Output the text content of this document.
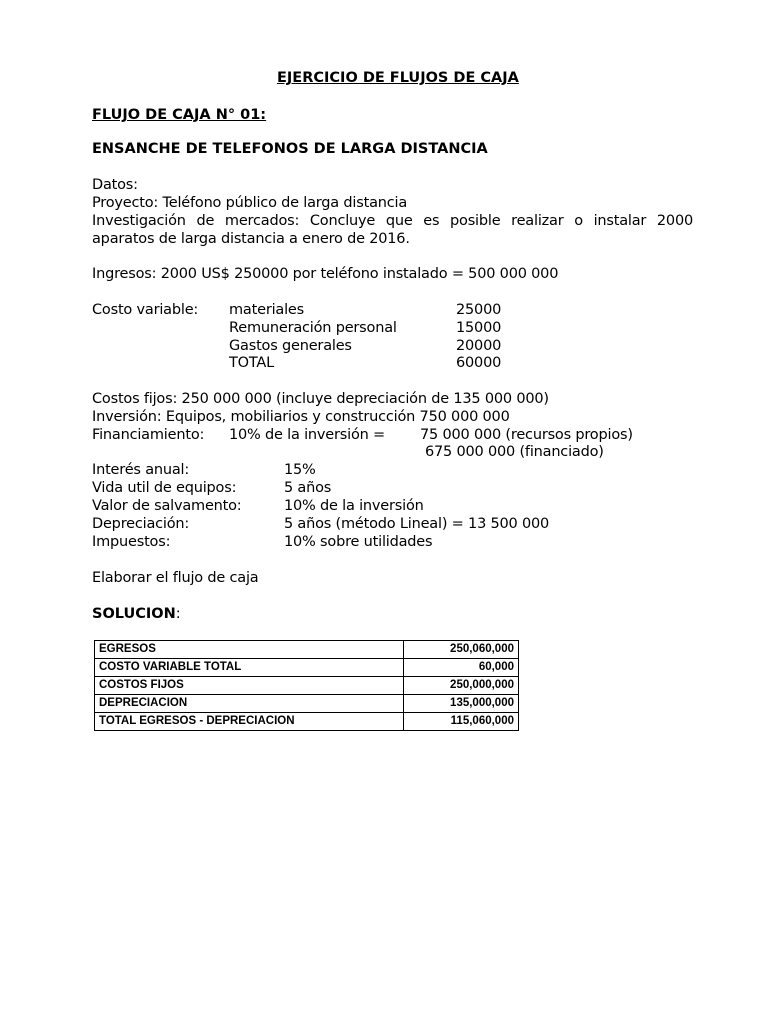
EJERCICIO DE FLUJOS DE CAJA
FLUJO DE CAJA N° 01:
ENSANCHE DE TELEFONOS DE LARGA DISTANCIA
Datos:
Proyecto: Teléfono público de larga distancia
Investigación de mercados: Concluye que es posible realizar o instalar 2000
aparatos de larga distancia a enero de 2016.
Ingresos: 2000 US$ 250000 por teléfono instalado = 500 000 000
Costo variable: materiales	25000
Remuneración personal	15000
Gastos generales	20000
TOTAL	60000
Costos fijos: 250 000 000 (incluye depreciación de 135 000 000)
Inversión: Equipos, mobiliarios y construcción 750 000 000
Financiamiento: 10% de la inversión = 75 000 000 (recursos propios)
675 000 000 (financiado)
Interés anual:	15%
Vida util de equipos:	5 años
Valor de salvamento:	10% de la inversión
Depreciación:	5 años (método Lineal) = 13 500 000
Impuestos:	10% sobre utilidades
Elaborar el flujo de caja
SOLUCION:
EGRESOS	250,060,000
COSTO VARIABLE TOTAL	60,000
COSTOS FIJOS	250,000,000
DEPRECIACION	135,000,000
TOTAL EGRESOS - DEPRECIACION	115,060,000
